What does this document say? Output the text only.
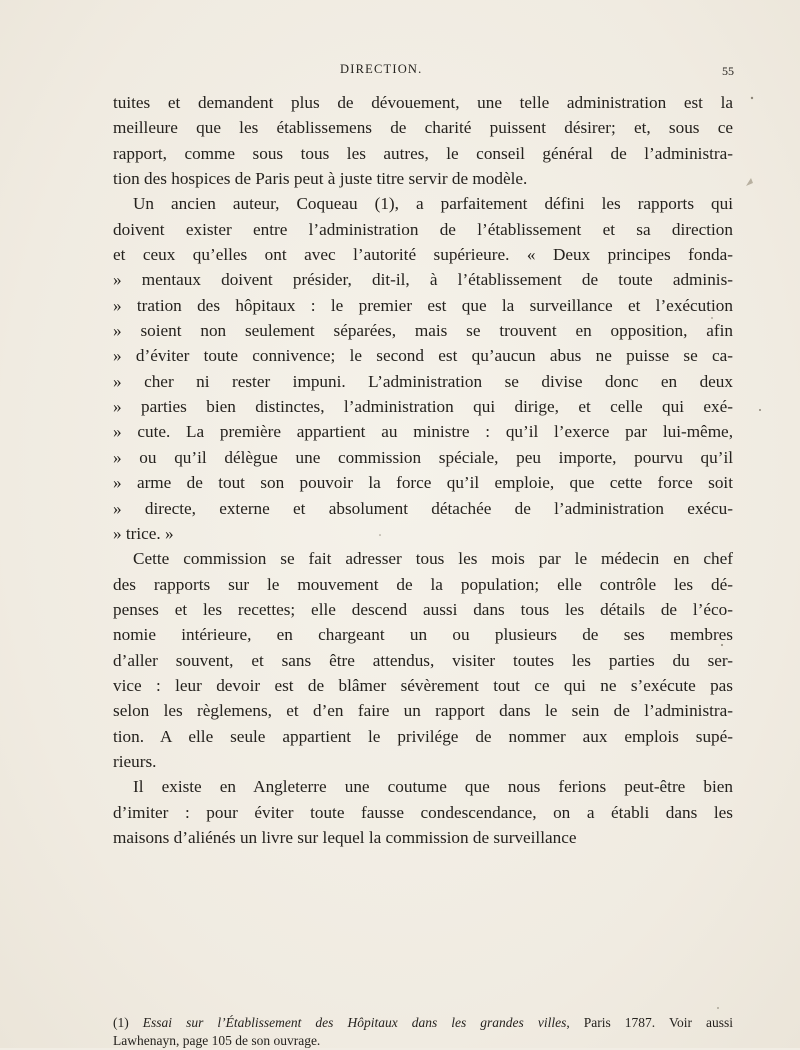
DIRECTION.	55
tuites et demandent plus de dévouement, une telle administration est la
meilleure que les établissemens de charité puissent désirer; et, sous ce
rapport, comme sous tous les autres, le conseil général de l’administra-
tion des hospices de Paris peut à juste titre servir de modèle.
Un ancien auteur, Coqueau (1), a parfaitement défini les rapports qui
doivent exister entre l’administration de l’établissement et sa direction
et ceux qu’elles ont avec l’autorité supérieure. « Deux principes fonda-
» mentaux doivent présider, dit-il, à l’établissement de toute adminis-
» tration des hôpitaux : le premier est que la surveillance et l’exécution
» soient non seulement séparées, mais se trouvent en opposition, afin
» d’éviter toute connivence; le second est qu’aucun abus ne puisse se ca-
» cher ni rester impuni. L’administration se divise donc en deux
» parties bien distinctes, l’administration qui dirige, et celle qui exé-
» cute. La première appartient au ministre : qu’il l’exerce par lui-même,
» ou qu’il délègue une commission spéciale, peu importe, pourvu qu’il
» arme de tout son pouvoir la force qu’il emploie, que cette force soit
» directe, externe et absolument détachée de l’administration exécu-
» trice. »
Cette commission se fait adresser tous les mois par le médecin en chef
des rapports sur le mouvement de la population; elle contrôle les dé-
penses et les recettes; elle descend aussi dans tous les détails de l’éco-
nomie intérieure, en chargeant un ou plusieurs de ses membres
d’aller souvent, et sans être attendus, visiter toutes les parties du ser-
vice : leur devoir est de blâmer sévèrement tout ce qui ne s’exécute pas
selon les règlemens, et d’en faire un rapport dans le sein de l’administra-
tion. A elle seule appartient le privilége de nommer aux emplois supé-
rieurs.
Il existe en Angleterre une coutume que nous ferions peut-être bien
d’imiter : pour éviter toute fausse condescendance, on a établi dans les
maisons d’aliénés un livre sur lequel la commission de surveillance
(1) Essai sur l’Établissement des Hôpitaux dans les grandes villes, Paris 1787. Voir aussi
Lawhenayn, page 105 de son ouvrage.
